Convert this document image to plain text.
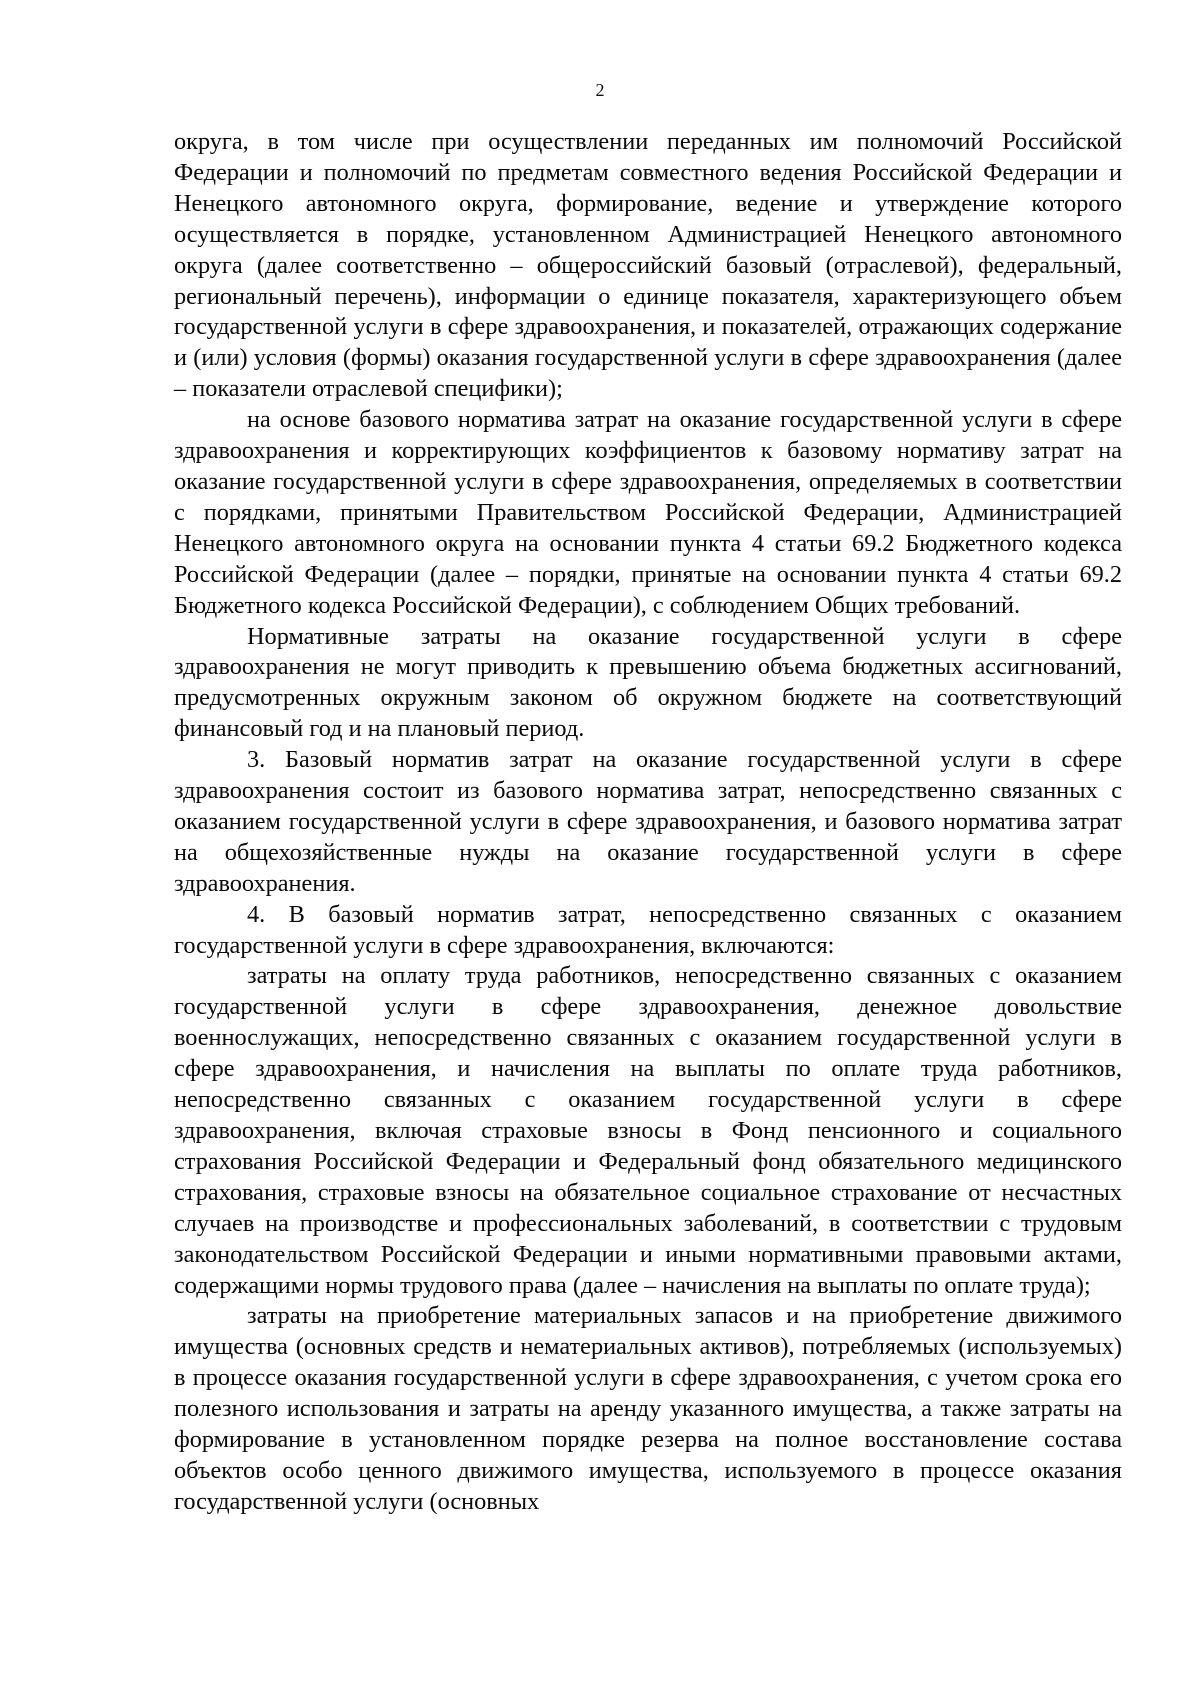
2

округа, в том числе при осуществлении переданных им полномочий Российской Федерации и полномочий по предметам совместного ведения Российской Федерации и Ненецкого автономного округа, формирование, ведение и утверждение которого осуществляется в порядке, установленном Администрацией Ненецкого автономного округа (далее соответственно – общероссийский базовый (отраслевой), федеральный, региональный перечень), информации о единице показателя, характеризующего объем государственной услуги в сфере здравоохранения, и показателей, отражающих содержание и (или) условия (формы) оказания государственной услуги в сфере здравоохранения (далее – показатели отраслевой специфики);

на основе базового норматива затрат на оказание государственной услуги в сфере здравоохранения и корректирующих коэффициентов к базовому нормативу затрат на оказание государственной услуги в сфере здравоохранения, определяемых в соответствии с порядками, принятыми Правительством Российской Федерации, Администрацией Ненецкого автономного округа на основании пункта 4 статьи 69.2 Бюджетного кодекса Российской Федерации (далее – порядки, принятые на основании пункта 4 статьи 69.2 Бюджетного кодекса Российской Федерации), с соблюдением Общих требований.

Нормативные затраты на оказание государственной услуги в сфере здравоохранения не могут приводить к превышению объема бюджетных ассигнований, предусмотренных окружным законом об окружном бюджете на соответствующий финансовый год и на плановый период.

3. Базовый норматив затрат на оказание государственной услуги в сфере здравоохранения состоит из базового норматива затрат, непосредственно связанных с оказанием государственной услуги в сфере здравоохранения, и базового норматива затрат на общехозяйственные нужды на оказание государственной услуги в сфере здравоохранения.

4. В базовый норматив затрат, непосредственно связанных с оказанием государственной услуги в сфере здравоохранения, включаются:

затраты на оплату труда работников, непосредственно связанных с оказанием государственной услуги в сфере здравоохранения, денежное довольствие военнослужащих, непосредственно связанных с оказанием государственной услуги в сфере здравоохранения, и начисления на выплаты по оплате труда работников, непосредственно связанных с оказанием государственной услуги в сфере здравоохранения, включая страховые взносы в Фонд пенсионного и социального страхования Российской Федерации и Федеральный фонд обязательного медицинского страхования, страховые взносы на обязательное социальное страхование от несчастных случаев на производстве и профессиональных заболеваний, в соответствии с трудовым законодательством Российской Федерации и иными нормативными правовыми актами, содержащими нормы трудового права (далее – начисления на выплаты по оплате труда);

затраты на приобретение материальных запасов и на приобретение движимого имущества (основных средств и нематериальных активов), потребляемых (используемых) в процессе оказания государственной услуги в сфере здравоохранения, с учетом срока его полезного использования и затраты на аренду указанного имущества, а также затраты на формирование в установленном порядке резерва на полное восстановление состава объектов особо ценного движимого имущества, используемого в процессе оказания государственной услуги (основных
